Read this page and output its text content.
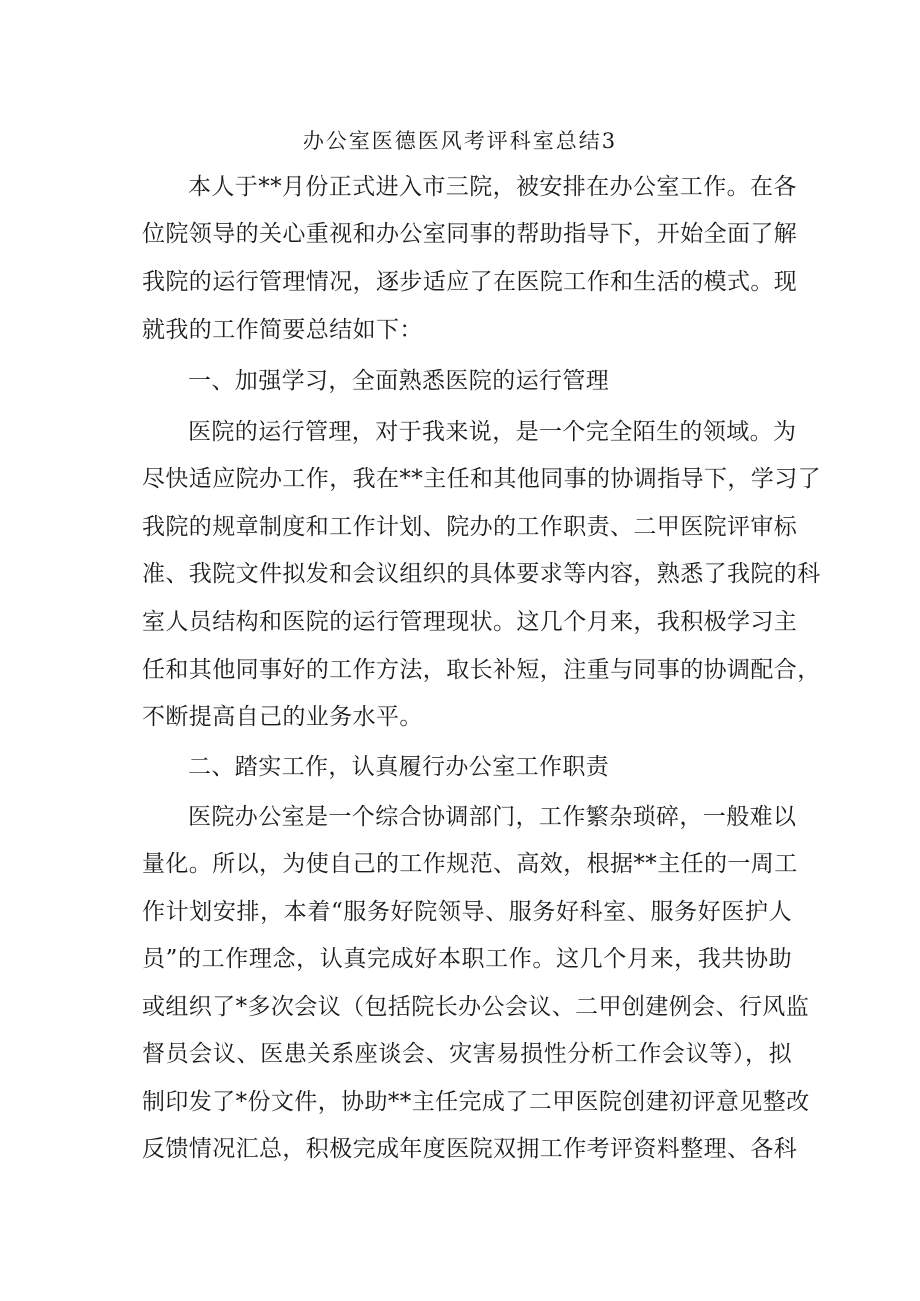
办公室医德医风考评科室总结3
本人于**月份正式进入市三院，被安排在办公室工作。在各
位院领导的关心重视和办公室同事的帮助指导下，开始全面了解
我院的运行管理情况，逐步适应了在医院工作和生活的模式。现
就我的工作简要总结如下：
一、加强学习，全面熟悉医院的运行管理
医院的运行管理，对于我来说，是一个完全陌生的领域。为
尽快适应院办工作，我在**主任和其他同事的协调指导下，学习了
我院的规章制度和工作计划、院办的工作职责、二甲医院评审标
准、我院文件拟发和会议组织的具体要求等内容，熟悉了我院的科
室人员结构和医院的运行管理现状。这几个月来，我积极学习主
任和其他同事好的工作方法，取长补短，注重与同事的协调配合，
不断提高自己的业务水平。
二、踏实工作，认真履行办公室工作职责
医院办公室是一个综合协调部门，工作繁杂琐碎，一般难以
量化。所以，为使自己的工作规范、高效，根据**主任的一周工
作计划安排，本着“服务好院领导、服务好科室、服务好医护人
员”的工作理念，认真完成好本职工作。这几个月来，我共协助
或组织了*多次会议（包括院长办公会议、二甲创建例会、行风监
督员会议、医患关系座谈会、灾害易损性分析工作会议等），拟
制印发了*份文件，协助**主任完成了二甲医院创建初评意见整改
反馈情况汇总，积极完成年度医院双拥工作考评资料整理、各科
